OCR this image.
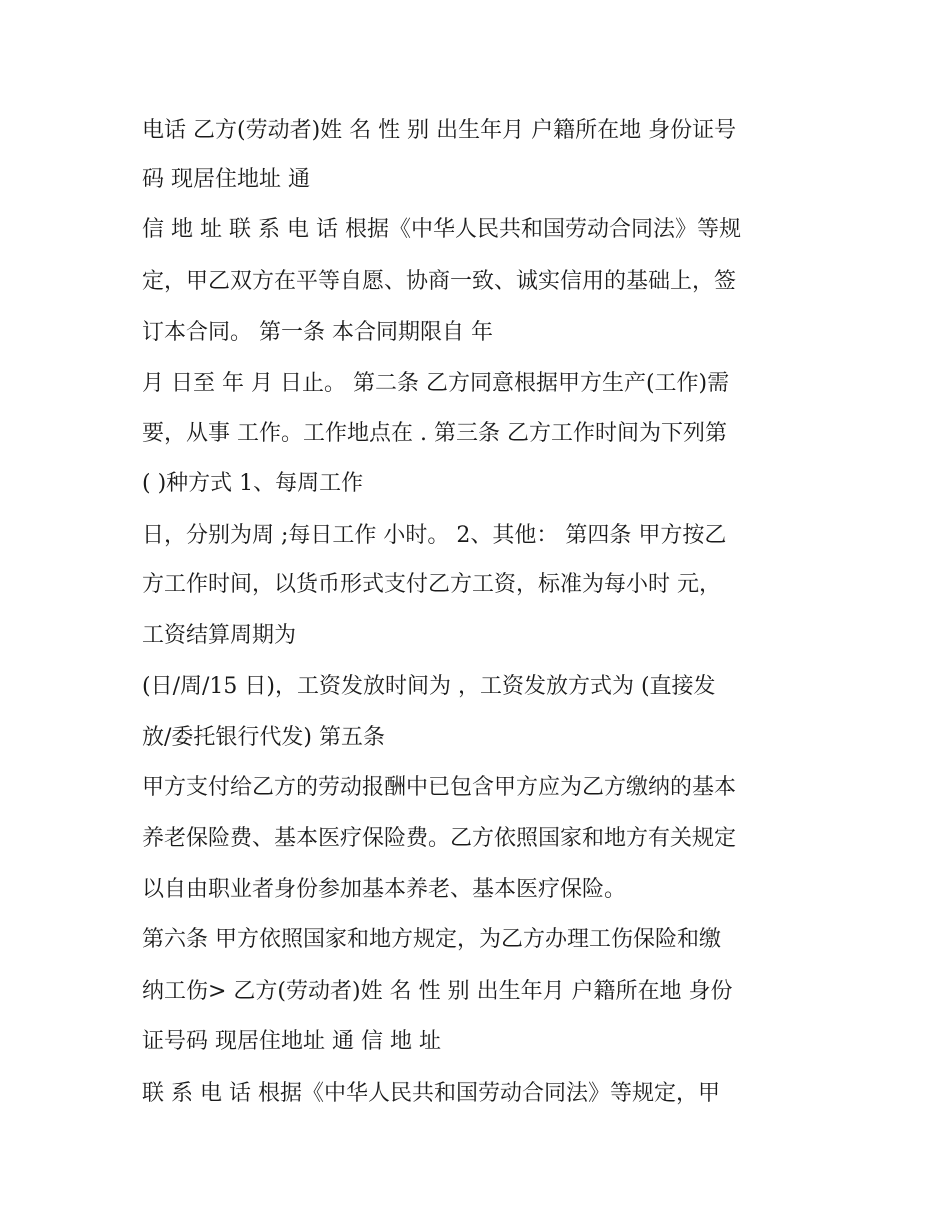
电话 乙方(劳动者)姓 名 性 别 出生年月 户籍所在地 身份证号

码 现居住地址 通

信 地 址 联 系 电 话 根据《中华人民共和国劳动合同法》等规

定，甲乙双方在平等自愿、协商一致、诚实信用的基础上，签

订本合同。 第一条 本合同期限自 年

月 日至 年 月 日止。 第二条 乙方同意根据甲方生产(工作)需

要，从事 工作。工作地点在 . 第三条 乙方工作时间为下列第

( )种方式 1、每周工作

日，分别为周 ;每日工作 小时。 2、其他： 第四条 甲方按乙

方工作时间，以货币形式支付乙方工资，标准为每小时 元，

工资结算周期为

(日/周/15 日)，工资发放时间为 ，工资发放方式为 (直接发

放/委托银行代发) 第五条

甲方支付给乙方的劳动报酬中已包含甲方应为乙方缴纳的基本

养老保险费、基本医疗保险费。乙方依照国家和地方有关规定

以自由职业者身份参加基本养老、基本医疗保险。

第六条 甲方依照国家和地方规定，为乙方办理工伤保险和缴

纳工伤> 乙方(劳动者)姓 名 性 别 出生年月 户籍所在地 身份

证号码 现居住地址 通 信 地 址

联 系 电 话 根据《中华人民共和国劳动合同法》等规定，甲
